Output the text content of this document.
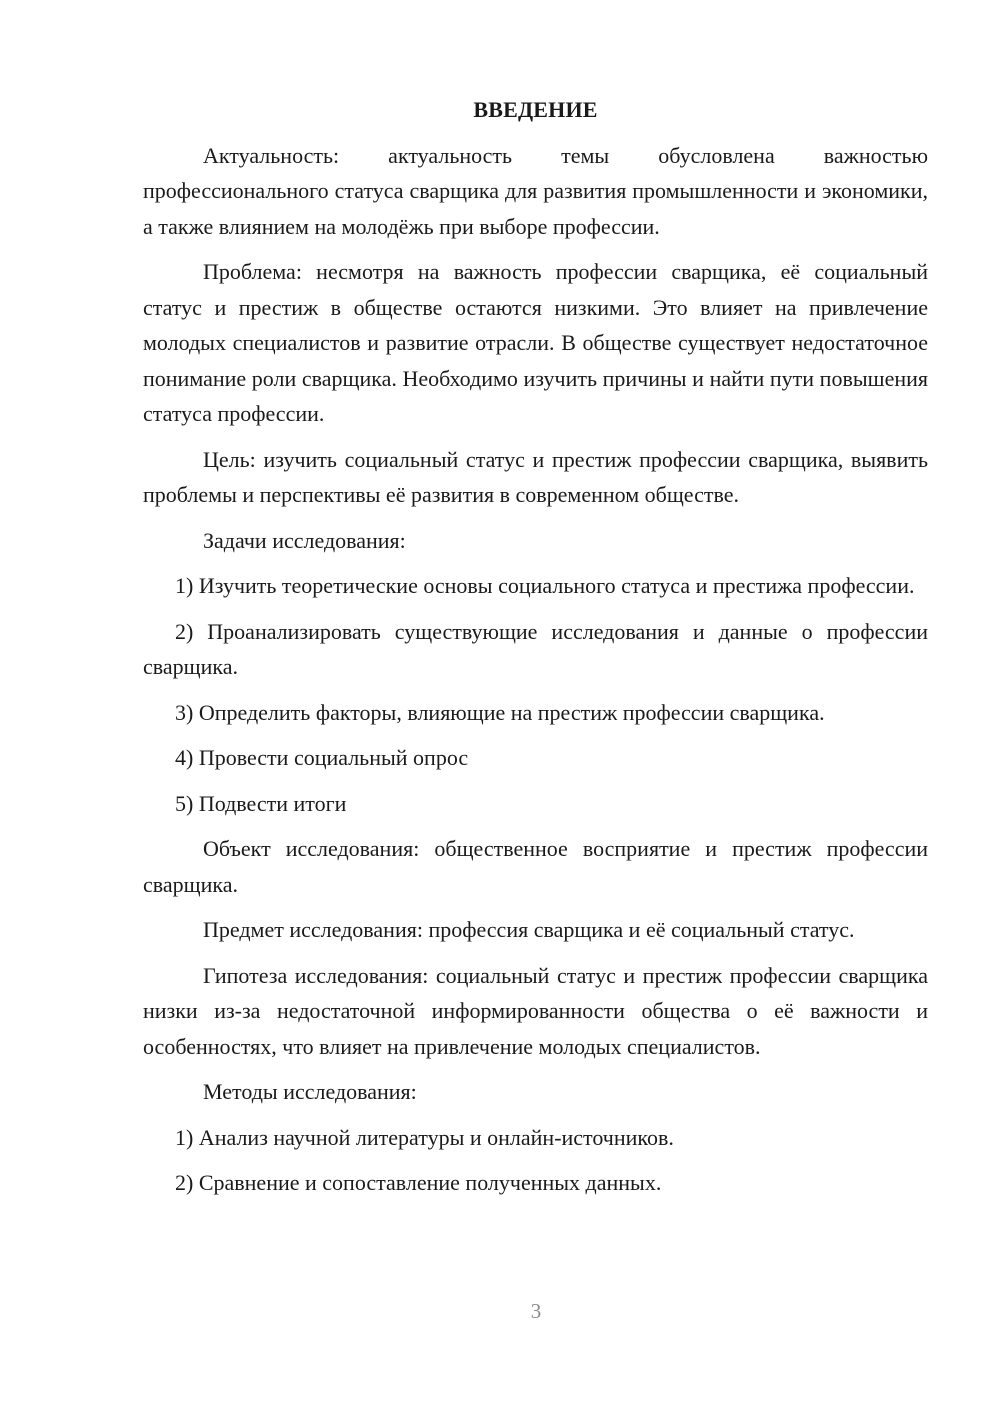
ВВЕДЕНИЕ

Актуальность: актуальность темы обусловлена важностью профессионального статуса сварщика для развития промышленности и экономики, а также влиянием на молодёжь при выборе профессии.

Проблема: несмотря на важность профессии сварщика, её социальный статус и престиж в обществе остаются низкими. Это влияет на привлечение молодых специалистов и развитие отрасли. В обществе существует недостаточное понимание роли сварщика. Необходимо изучить причины и найти пути повышения статуса профессии.

Цель: изучить социальный статус и престиж профессии сварщика, выявить проблемы и перспективы её развития в современном обществе.

Задачи исследования:

1) Изучить теоретические основы социального статуса и престижа профессии.

2) Проанализировать существующие исследования и данные о профессии сварщика.

3) Определить факторы, влияющие на престиж профессии сварщика.

4) Провести социальный опрос

5) Подвести итоги

Объект исследования: общественное восприятие и престиж профессии сварщика.

Предмет исследования: профессия сварщика и её социальный статус.

Гипотеза исследования: социальный статус и престиж профессии сварщика низки из-за недостаточной информированности общества о её важности и особенностях, что влияет на привлечение молодых специалистов.

Методы исследования:

1) Анализ научной литературы и онлайн-источников.

2) Сравнение и сопоставление полученных данных.

3
